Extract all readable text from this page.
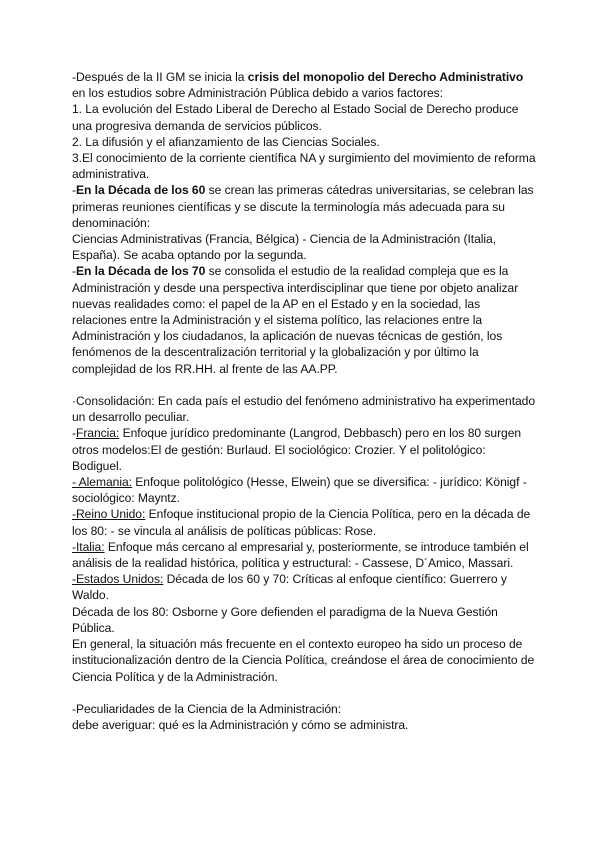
-Después de la II GM se inicia la crisis del monopolio del Derecho Administrativo en los estudios sobre Administración Pública debido a varios factores:

1. La evolución del Estado Liberal de Derecho al Estado Social de Derecho produce una progresiva demanda de servicios públicos.

2. La difusión y el afianzamiento de las Ciencias Sociales.

3.El conocimiento de la corriente científica NA y surgimiento del movimiento de reforma administrativa.

-En la Década de los 60 se crean las primeras cátedras universitarias, se celebran las primeras reuniones científicas y se discute la terminología más adecuada para su denominación:

Ciencias Administrativas (Francia, Bélgica) - Ciencia de la Administración (Italia, España). Se acaba optando por la segunda.

-En la Década de los 70 se consolida el estudio de la realidad compleja que es la Administración y desde una perspectiva interdisciplinar que tiene por objeto analizar nuevas realidades como: el papel de la AP en el Estado y en la sociedad, las relaciones entre la Administración y el sistema político, las relaciones entre la Administración y los ciudadanos, la aplicación de nuevas técnicas de gestión, los fenómenos de la descentralización territorial y la globalización y por último la complejidad de los RR.HH. al frente de las AA.PP.

·Consolidación: En cada país el estudio del fenómeno administrativo ha experimentado un desarrollo peculiar.

-Francia: Enfoque jurídico predominante (Langrod, Debbasch) pero en los 80 surgen otros modelos:El de gestión: Burlaud. El sociológico: Crozier. Y el politológico: Bodiguel.

- Alemania: Enfoque politológico (Hesse, Elwein) que se diversifica: - jurídico: Königf - sociológico: Mayntz.

-Reino Unido: Enfoque institucional propio de la Ciencia Política, pero en la década de los 80: - se vincula al análisis de políticas públicas: Rose.

-Italia: Enfoque más cercano al empresarial y, posteriormente, se introduce también el análisis de la realidad histórica, política y estructural: - Cassese, D´Amico, Massari.

-Estados Unidos: Década de los 60 y 70: Críticas al enfoque científico: Guerrero y Waldo.

Década de los 80: Osborne y Gore defienden el paradigma de la Nueva Gestión Pública.

En general, la situación más frecuente en el contexto europeo ha sido un proceso de institucionalización dentro de la Ciencia Política, creándose el área de conocimiento de Ciencia Política y de la Administración.

-Peculiaridades de la Ciencia de la Administración:

debe averiguar: qué es la Administración y cómo se administra.
